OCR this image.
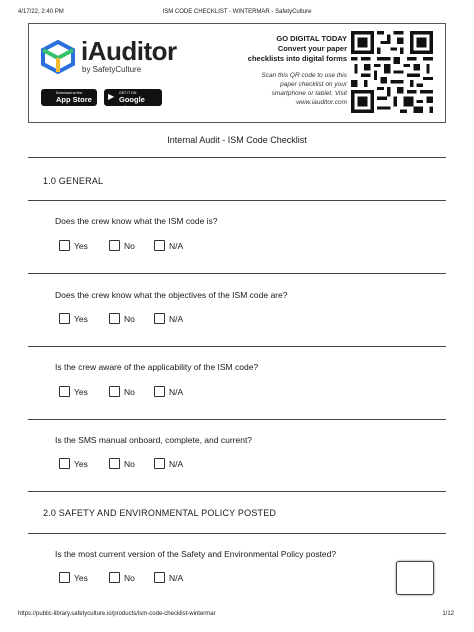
4/17/22, 2:40 PM	ISM CODE CHECKLIST - WINTERMAR - SafetyCulture
https://public-library.safetyculture.io/products/ism-code-checklist-wintermar	1/12
iAuditor
by SafetyCulture
Download on the
App Store ▶ GET IT ON
Google Play
GO DIGITAL TODAY
Convert your paper
checklists into digital forms
Scan this QR code to use this
paper checklist on your
smartphone or tablet. Visit
www.iauditor.com
Internal Audit - ISM Code Checklist
1.0 GENERAL
Does the crew know what the ISM code is?
Yes	No	N/A
Does the crew know what the objectives of the ISM code are?
Yes	No	N/A
Is the crew aware of the applicability of the ISM code?
Yes	No	N/A
Is the SMS manual onboard, complete, and current?
Yes	No	N/A
2.0 SAFETY AND ENVIRONMENTAL POLICY POSTED
Is the most current version of the Safety and Environmental Policy posted?
Yes	No	N/A
